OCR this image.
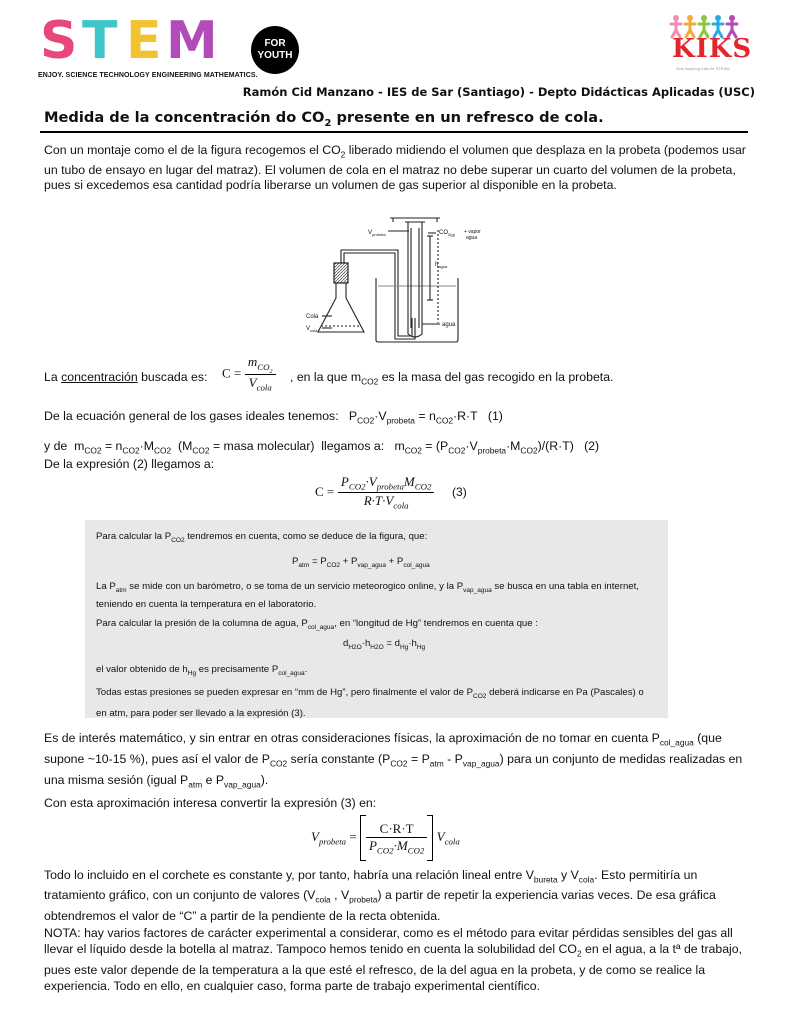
S T E M	FOR
YOUTH
ENJOY. SCIENCE TECHNOLOGY ENGINEERING MATHEMATICS.
KIKS
Kids Inspiring Kids for STEAM
Ramón Cid Manzano - IES de Sar (Santiago) - Depto Didácticas Aplicadas (USC)
Medida de la concentración do $CO_2$ presente en un refresco de cola.
Con un montaje como el de la figura recogemos el $CO_2$ liberado midiendo el volumen que desplaza en la probeta (podemos usar un tubo de ensayo en lugar del matraz). El volumen de cola en el matraz no debe superar un cuarto del volumen de la probeta, pues si excedemos esa cantidad podría liberarse un volumen de gas superior al disponible en la probeta.
$V_{probeta}$	$CO_{2(g)}$ + vapor
agua
$h_{agua}$
Cola
$V_{cola}$
agua
La concentración buscada es: $C = \frac{m_{CO_2}}{V_{cola}}$ , en la que $m_{CO2}$ es la masa del gas recogido en la probeta.
De la ecuación general de los gases ideales tenemos: $P_{CO2}\cdot V_{probeta} = n_{CO2}\cdot R\cdot T$ (1)
y de $m_{CO2} = n_{CO2}\cdot M_{CO2}$ ($M_{CO2}$ = masa molecular) llegamos a: $m_{CO2} = (P_{CO2}\cdot V_{probeta}\cdot M_{CO2})/(R\cdot T)$ (2)
De la expresión (2) llegamos a:
$C = \frac{P_{CO2}\cdot V_{probeta}M_{CO2}}{R\cdot T\cdot V_{cola}} (3)$
Para calcular la $P_{CO2}$ tendremos en cuenta, como se deduce de la figura, que:
$P_{atm} = P_{CO2} + P_{vap\_agua} + P_{col\_agua}$
La $P_{atm}$ se mide con un barómetro, o se toma de un servicio meteorogico online, y la $P_{vap\_agua}$ se busca en una tabla en internet, teniendo en cuenta la temperatura en el laboratorio.
Para calcular la presión de la columna de agua, $P_{col\_agua}$, en “longitud de Hg” tendremos en cuenta que :
$d_{H2O}\cdot h_{H2O} = d_{Hg}\cdot h_{Hg}$
el valor obtenido de $h_{Hg}$ es precisamente $P_{col\_agua}$.
Todas estas presiones se pueden expresar en “mm de Hg”, pero finalmente el valor de $P_{CO2}$ deberá indicarse en Pa (Pascales) o en atm, para poder ser llevado a la expresión (3).
Es de interés matemático, y sin entrar en otras consideraciones físicas, la aproximación de no tomar en cuenta $P_{col\_agua}$ (que supone ~10-15 %), pues así el valor de $P_{CO2}$ sería constante $(P_{CO2} = P_{atm} - P_{vap\_agua})$ para un conjunto de medidas realizadas en una misma sesión (igual $P_{atm}$ e $P_{vap\_agua}$).
Con esta aproximación interesa convertir la expresión (3) en:
$V_{probeta} = \frac{C\cdot R\cdot T}{P_{CO2}\cdot M_{CO2}} V_{cola}$
Todo lo incluido en el corchete es constante y, por tanto, habría una relación lineal entre $V_{bureta}$ y $V_{cola}$. Esto permitiría un tratamiento gráfico, con un conjunto de valores ($V_{cola}$ , $V_{probeta}$) a partir de repetir la experiencia varias veces. De esa gráfica obtendremos el valor de “C” a partir de la pendiente de la recta obtenida.
NOTA: hay varios factores de carácter experimental a considerar, como es el método para evitar pérdidas sensibles del gas all llevar el líquido desde la botella al matraz. Tampoco hemos tenido en cuenta la solubilidad del $CO_2$ en el agua, a la tª de trabajo, pues este valor depende de la temperatura a la que esté el refresco, de la del agua en la probeta, y de como se realice la experiencia. Todo en ello, en cualquier caso, forma parte de trabajo experimental científico.
